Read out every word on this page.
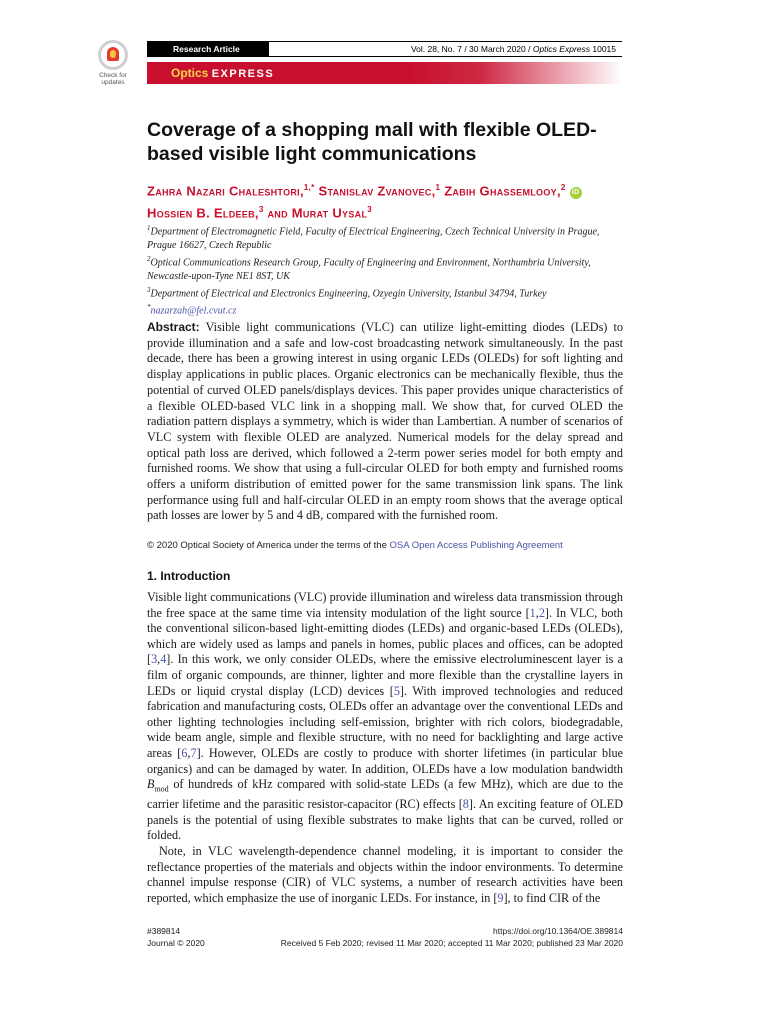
Check for
updates
Research Article	Vol. 28, No. 7 / 30 March 2020 / Optics Express 10015
Optics EXPRESS
Coverage of a shopping mall with flexible OLED-based visible light communications
Zahra Nazari Chaleshtori,$^{1,*}$ Stanislav Zvanovec,$^1$ Zabih Ghassemlooy,$^2$ iD Hossien B. Eldeeb,$^3$ and Murat Uysal$^3$

$^1$Department of Electromagnetic Field, Faculty of Electrical Engineering, Czech Technical University in Prague, Prague 16627, Czech Republic

$^2$Optical Communications Research Group, Faculty of Engineering and Environment, Northumbria University, Newcastle-upon-Tyne NE1 8ST, UK

$^3$Department of Electrical and Electronics Engineering, Ozyegin University, Istanbul 34794, Turkey

*nazarzah@fel.cvut.cz

Abstract: Visible light communications (VLC) can utilize light-emitting diodes (LEDs) to provide illumination and a safe and low-cost broadcasting network simultaneously. In the past decade, there has been a growing interest in using organic LEDs (OLEDs) for soft lighting and display applications in public places. Organic electronics can be mechanically flexible, thus the potential of curved OLED panels/displays devices. This paper provides unique characteristics of a flexible OLED-based VLC link in a shopping mall. We show that, for curved OLED the radiation pattern displays a symmetry, which is wider than Lambertian. A number of scenarios of VLC system with flexible OLED are analyzed. Numerical models for the delay spread and optical path loss are derived, which followed a 2-term power series model for both empty and furnished rooms. We show that using a full-circular OLED for both empty and furnished rooms offers a uniform distribution of emitted power for the same transmission link spans. The link performance using full and half-circular OLED in an empty room shows that the average optical path losses are lower by 5 and 4 dB, compared with the furnished room.
© 2020 Optical Society of America under the terms of the OSA Open Access Publishing Agreement
1. Introduction

Visible light communications (VLC) provide illumination and wireless data transmission through the free space at the same time via intensity modulation of the light source [1,2]. In VLC, both the conventional silicon-based light-emitting diodes (LEDs) and organic-based LEDs (OLEDs), which are widely used as lamps and panels in homes, public places and offices, can be adopted [3,4]. In this work, we only consider OLEDs, where the emissive electroluminescent layer is a film of organic compounds, are thinner, lighter and more flexible than the crystalline layers in LEDs or liquid crystal display (LCD) devices [5]. With improved technologies and reduced fabrication and manufacturing costs, OLEDs offer an advantage over the conventional LEDs and other lighting technologies including self-emission, brighter with rich colors, biodegradable, wide beam angle, simple and flexible structure, with no need for backlighting and large active areas [6,7]. However, OLEDs are costly to produce with shorter lifetimes (in particular blue organics) and can be damaged by water. In addition, OLEDs have a low modulation bandwidth $B_{mod}$ of hundreds of kHz compared with solid-state LEDs (a few MHz), which are due to the carrier lifetime and the parasitic resistor-capacitor (RC) effects [8]. An exciting feature of OLED panels is the potential of using flexible substrates to make lights that can be curved, rolled or folded.

Note, in VLC wavelength-dependence channel modeling, it is important to consider the reflectance properties of the materials and objects within the indoor environments. To determine channel impulse response (CIR) of VLC systems, a number of research activities have been reported, which emphasize the use of inorganic LEDs. For instance, in [9], to find CIR of the

#389814	https://doi.org/10.1364/OE.389814
Journal © 2020	Received 5 Feb 2020; revised 11 Mar 2020; accepted 11 Mar 2020; published 23 Mar 2020
